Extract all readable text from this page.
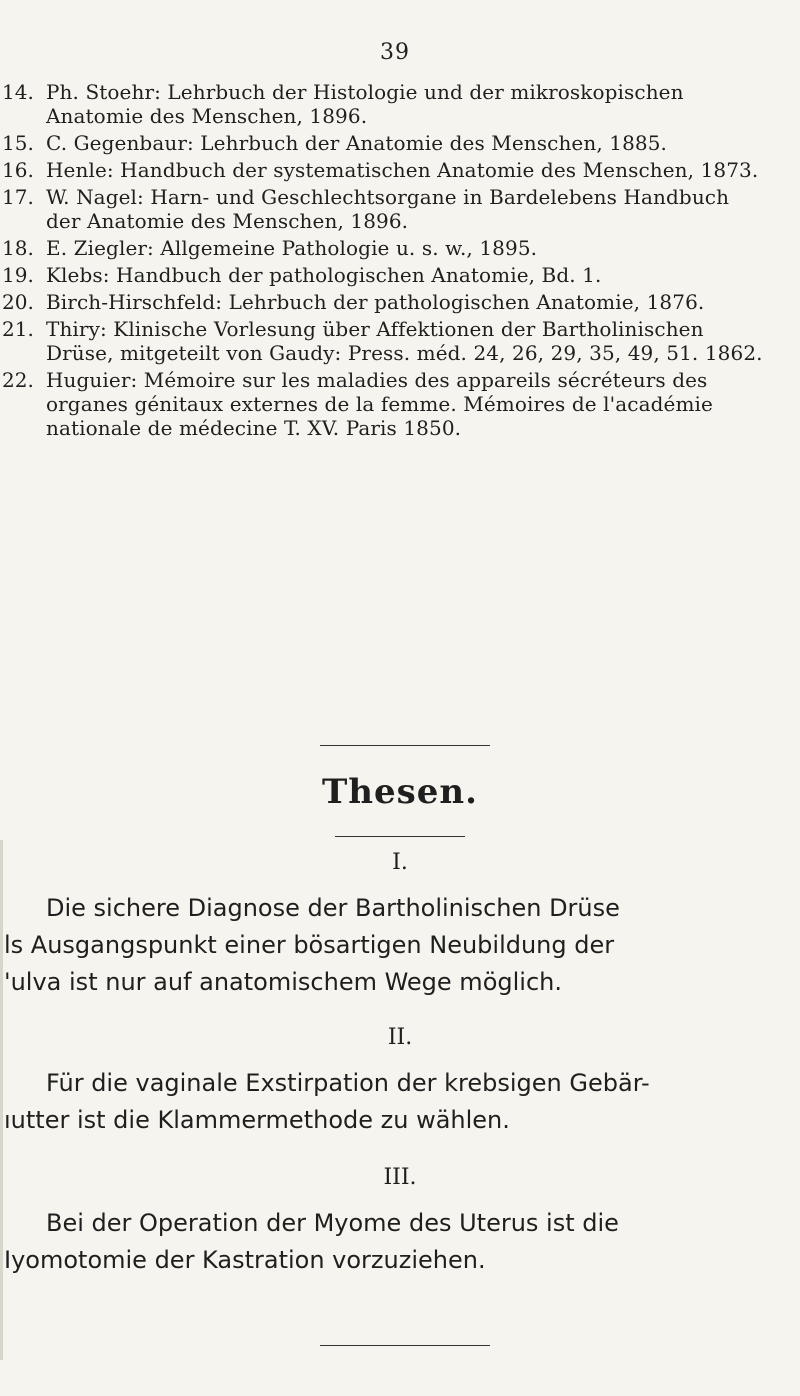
39
14. Ph. Stoehr: Lehrbuch der Histologie und der mikroskopischen Anatomie des Menschen, 1896.
15. C. Gegenbaur: Lehrbuch der Anatomie des Menschen, 1885.
16. Henle: Handbuch der systematischen Anatomie des Menschen, 1873.
17. W. Nagel: Harn- und Geschlechtsorgane in Bardelebens Handbuch der Anatomie des Menschen, 1896.
18. E. Ziegler: Allgemeine Pathologie u. s. w., 1895.
19. Klebs: Handbuch der pathologischen Anatomie, Bd. 1.
20. Birch-Hirschfeld: Lehrbuch der pathologischen Anatomie, 1876.
21. Thiry: Klinische Vorlesung über Affektionen der Bartholinischen Drüse, mitgeteilt von Gaudy: Press. méd. 24, 26, 29, 35, 49, 51. 1862.
22. Huguier: Mémoire sur les maladies des appareils sécréteurs des organes génitaux externes de la femme. Mémoires de l'académie nationale de médecine T. XV. Paris 1850.
Thesen.
I.
Die sichere Diagnose der Bartholinischen Drüse
ls Ausgangspunkt einer bösartigen Neubildung der
'ulva ist nur auf anatomischem Wege möglich.
II.
Für die vaginale Exstirpation der krebsigen Gebär-
ıutter ist die Klammermethode zu wählen.
III.
Bei der Operation der Myome des Uterus ist die
Iyomotomie der Kastration vorzuziehen.
